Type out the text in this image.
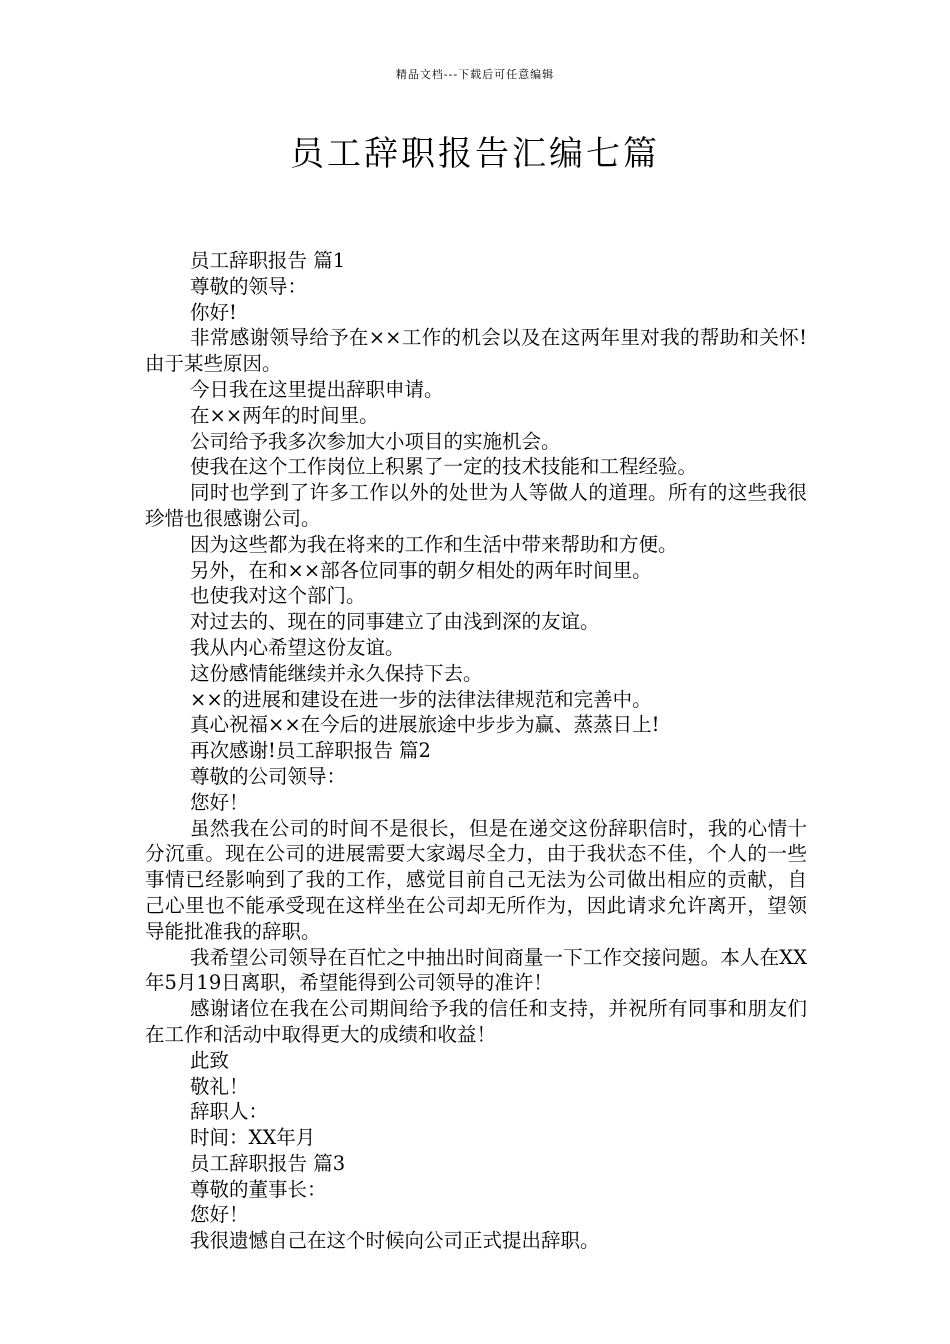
精品文档---下载后可任意编辑
员工辞职报告汇编七篇

员工辞职报告 篇1

尊敬的领导：

你好!

非常感谢领导给予在××工作的机会以及在这两年里对我的帮助和关怀!由于某些原因。

今日我在这里提出辞职申请。

在××两年的时间里。

公司给予我多次参加大小项目的实施机会。

使我在这个工作岗位上积累了一定的技术技能和工程经验。

同时也学到了许多工作以外的处世为人等做人的道理。所有的这些我很珍惜也很感谢公司。

因为这些都为我在将来的工作和生活中带来帮助和方便。

另外，在和××部各位同事的朝夕相处的两年时间里。

也使我对这个部门。

对过去的、现在的同事建立了由浅到深的友谊。

我从内心希望这份友谊。

这份感情能继续并永久保持下去。

××的进展和建设在进一步的法律法律规范和完善中。

真心祝福××在今后的进展旅途中步步为赢、蒸蒸日上!

再次感谢!员工辞职报告 篇2

尊敬的公司领导：

您好！

虽然我在公司的时间不是很长，但是在递交这份辞职信时，我的心情十分沉重。现在公司的进展需要大家竭尽全力，由于我状态不佳，个人的一些事情已经影响到了我的工作，感觉目前自己无法为公司做出相应的贡献，自己心里也不能承受现在这样坐在公司却无所作为，因此请求允许离开，望领导能批准我的辞职。

我希望公司领导在百忙之中抽出时间商量一下工作交接问题。本人在XX年5月19日离职，希望能得到公司领导的准许！

感谢诸位在我在公司期间给予我的信任和支持，并祝所有同事和朋友们在工作和活动中取得更大的成绩和收益！

此致

敬礼！

辞职人：

时间：XX年月

员工辞职报告 篇3

尊敬的董事长：

您好！

我很遗憾自己在这个时候向公司正式提出辞职。
